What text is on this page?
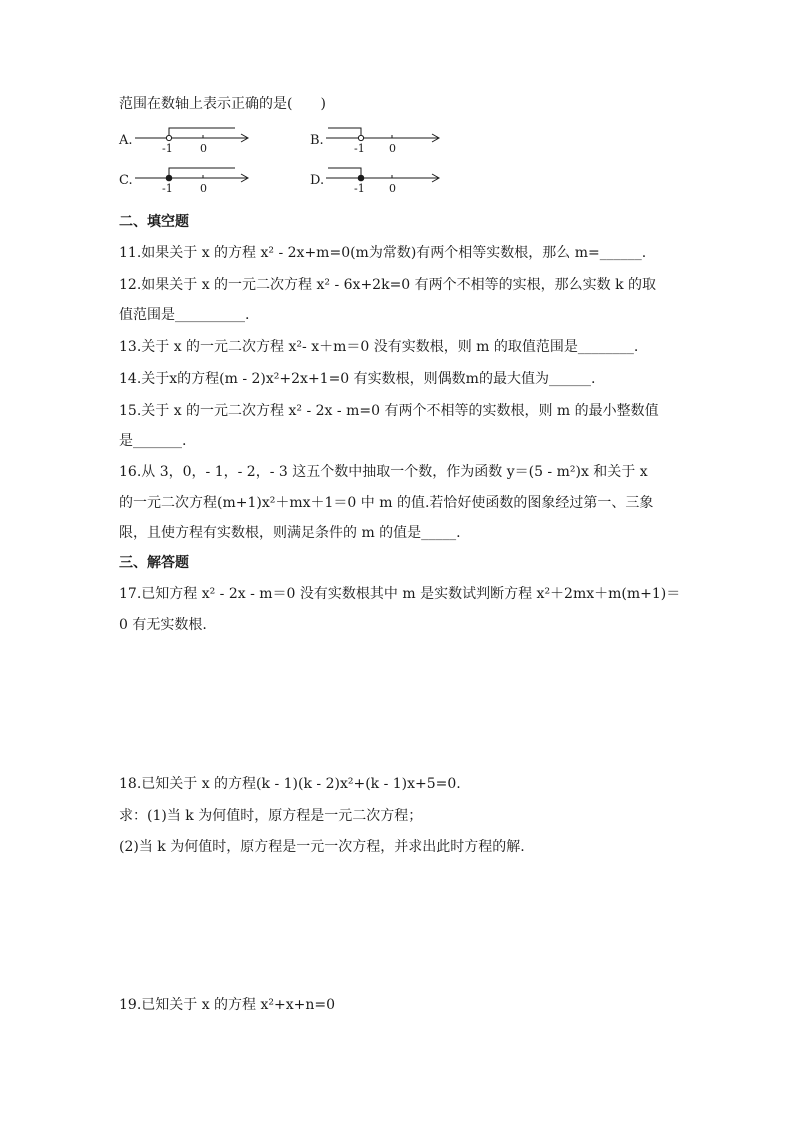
范围在数轴上表示正确的是(　　)
A.
-1 0
B.
-1 0
C.
-1 0
D.
-1 0
二、填空题
11.如果关于 x 的方程 x² - 2x+m=0(m为常数)有两个相等实数根，那么 m=______.
12.如果关于 x 的一元二次方程 x² - 6x+2k=0 有两个不相等的实根，那么实数 k 的取
值范围是__________.
13.关于 x 的一元二次方程 x²- x＋m＝0 没有实数根，则 m 的取值范围是________.
14.关于x的方程(m - 2)x²+2x+1=0 有实数根，则偶数m的最大值为______.
15.关于 x 的一元二次方程 x² - 2x - m=0 有两个不相等的实数根，则 m 的最小整数值
是_______.
16.从 3，0，- 1，- 2，- 3 这五个数中抽取一个数，作为函数 y＝(5 - m²)x 和关于 x
的一元二次方程(m+1)x²＋mx＋1＝0 中 m 的值.若恰好使函数的图象经过第一、三象
限，且使方程有实数根，则满足条件的 m 的值是_____.
三、解答题
17.已知方程 x² - 2x - m＝0 没有实数根其中 m 是实数试判断方程 x²＋2mx＋m(m+1)＝
0 有无实数根.
18.已知关于 x 的方程(k - 1)(k - 2)x²+(k - 1)x+5=0.
求：(1)当 k 为何值时，原方程是一元二次方程；
(2)当 k 为何值时，原方程是一元一次方程，并求出此时方程的解.
19.已知关于 x 的方程 x²+x+n=0
